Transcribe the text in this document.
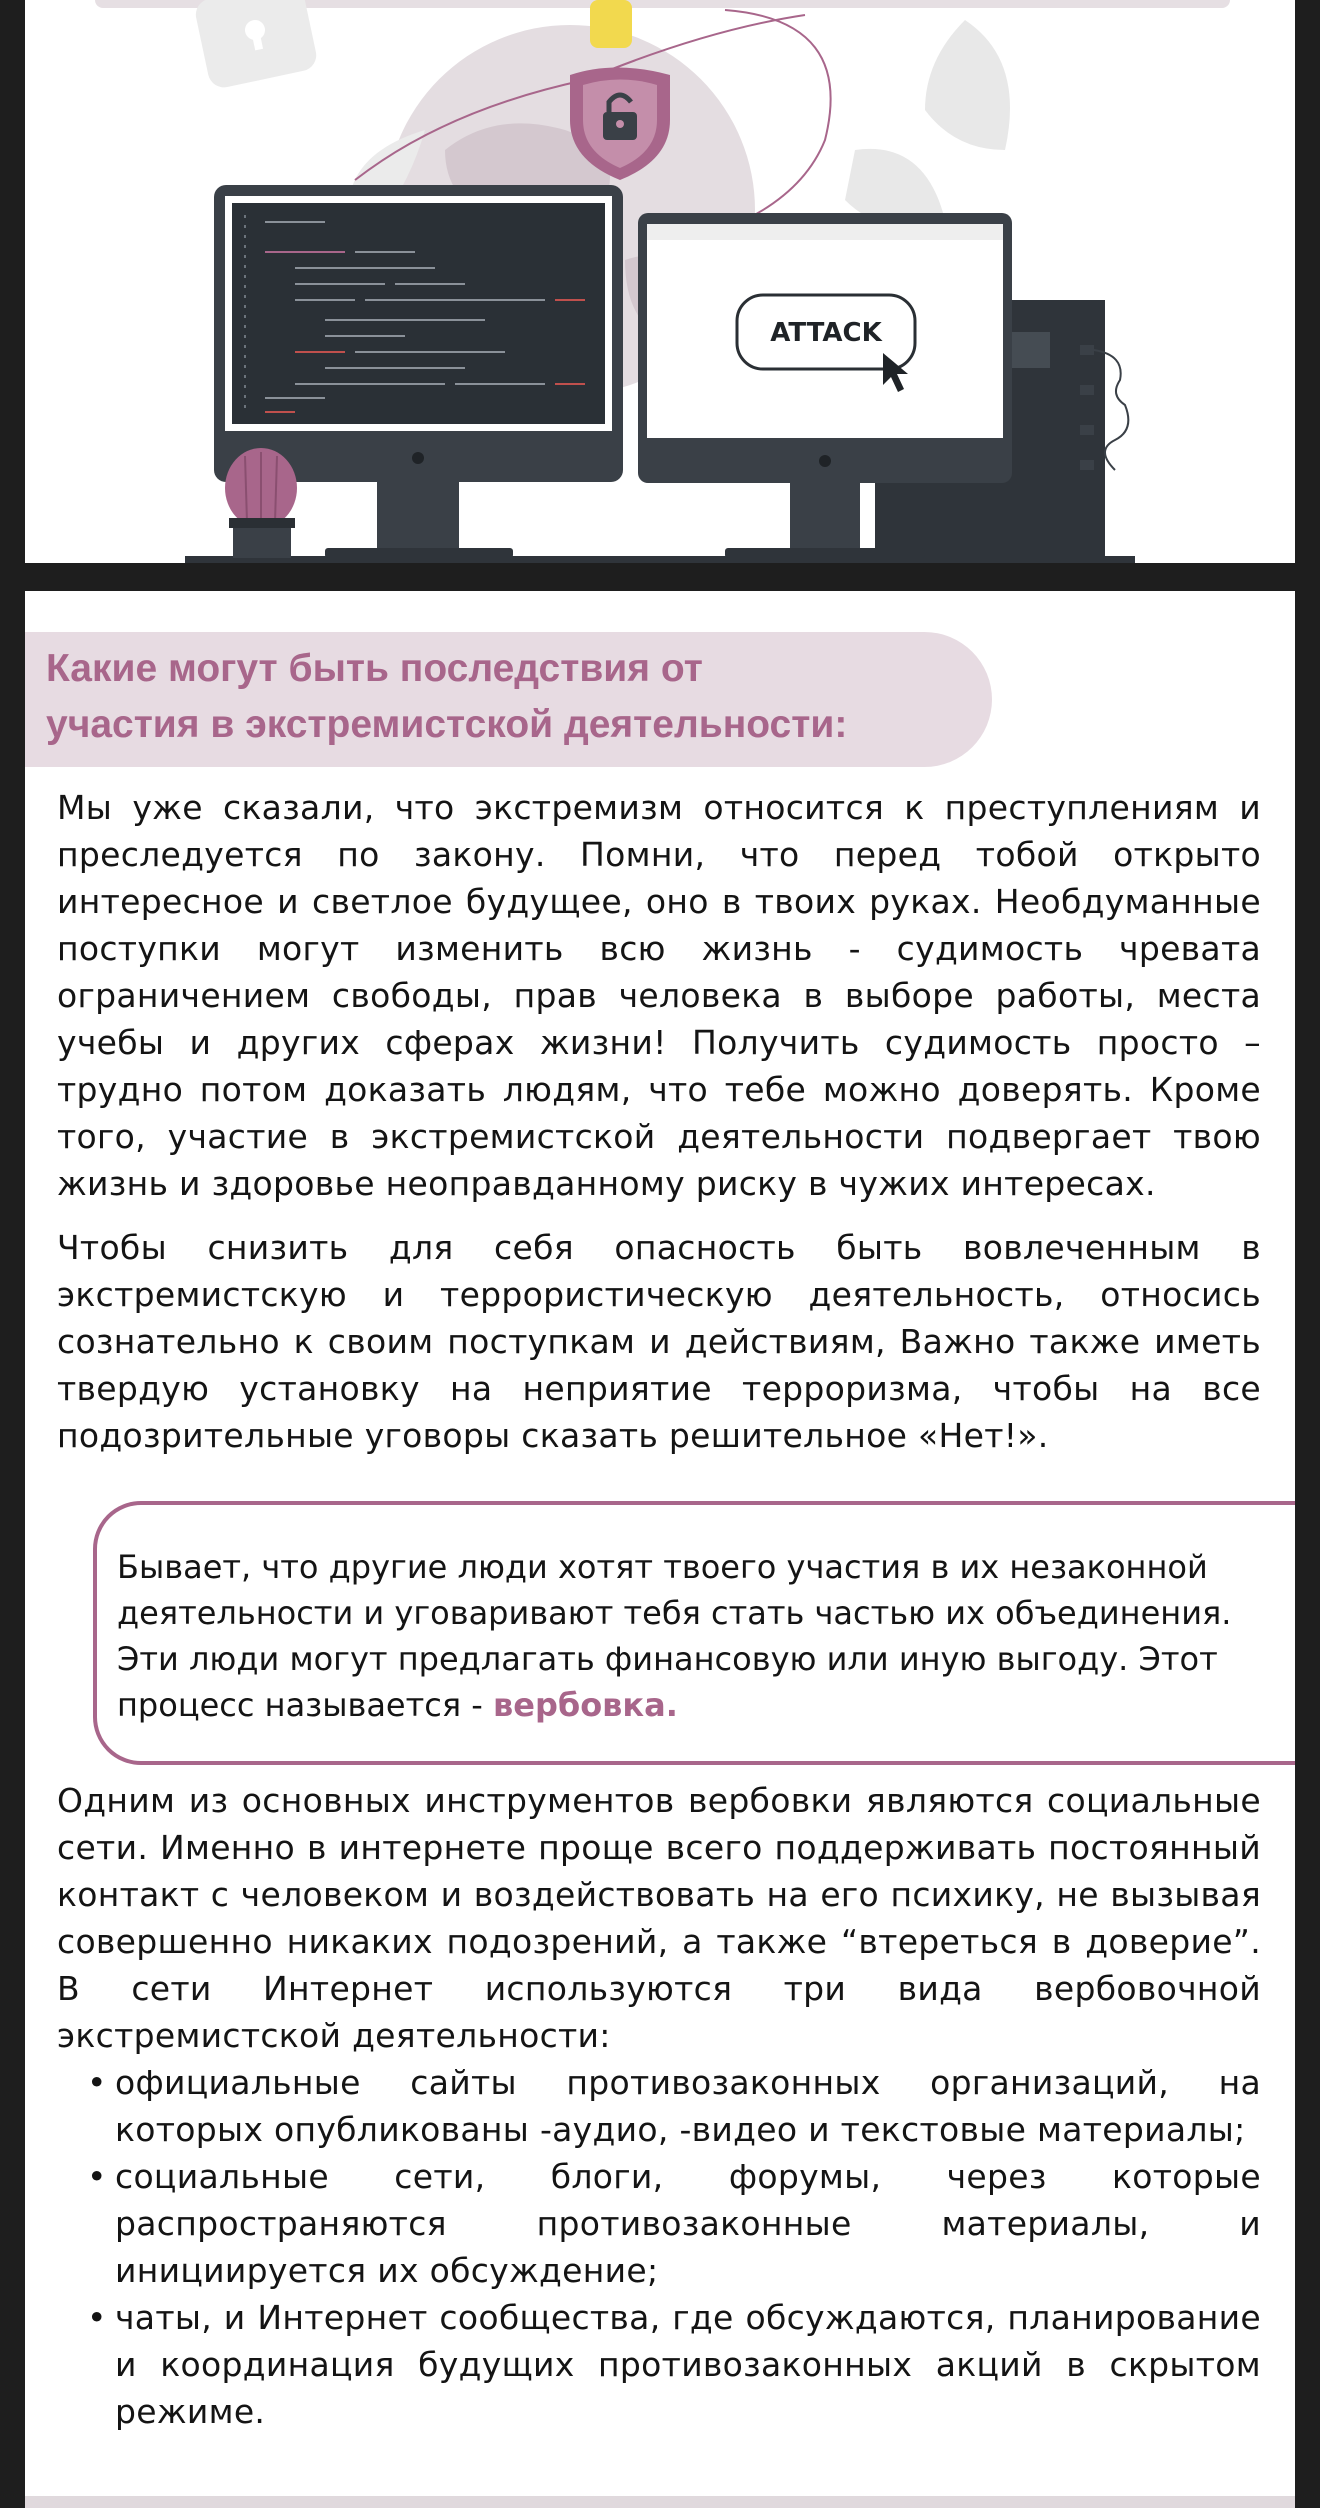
ATTACK
Какие могут быть последствия от
участия в экстремистской деятельности:

Мы уже сказали, что экстремизм относится к преступлениям и преследуется по закону. Помни, что перед тобой открыто интересное и светлое будущее, оно в твоих руках. Необдуманные поступки могут изменить всю жизнь - судимость чревата ограничением свободы, прав человека в выборе работы, места учебы и других сферах жизни! Получить судимость просто – трудно потом доказать людям, что тебе можно доверять. Кроме того, участие в экстремистской деятельности подвергает твою жизнь и здоровье неоправданному риску в чужих интересах.

Чтобы снизить для себя опасность быть вовлеченным в экстремистскую и террористическую деятельность, относись сознательно к своим поступкам и действиям, Важно также иметь твердую установку на неприятие терроризма, чтобы на все подозрительные уговоры сказать решительное «Нет!».

Бывает, что другие люди хотят твоего участия в их незаконной деятельности и уговаривают тебя стать частью их объединения. Эти люди могут предлагать финансовую или иную выгоду. Этот процесс называется - вербовка.

Одним из основных инструментов вербовки являются социальные сети. Именно в интернете проще всего поддерживать постоянный контакт с человеком и воздействовать на его психику, не вызывая совершенно никаких подозрений, а также “втереться в доверие”. В сети Интернет используются три вида вербовочной экстремистской деятельности:

• официальные сайты противозаконных организаций, на которых опубликованы -аудио, -видео и текстовые материалы;
• социальные сети, блоги, форумы, через которые распространяются противозаконные материалы, и инициируется их обсуждение;
• чаты, и Интернет сообщества, где обсуждаются, планирование и координация будущих противозаконных акций в скрытом режиме.
